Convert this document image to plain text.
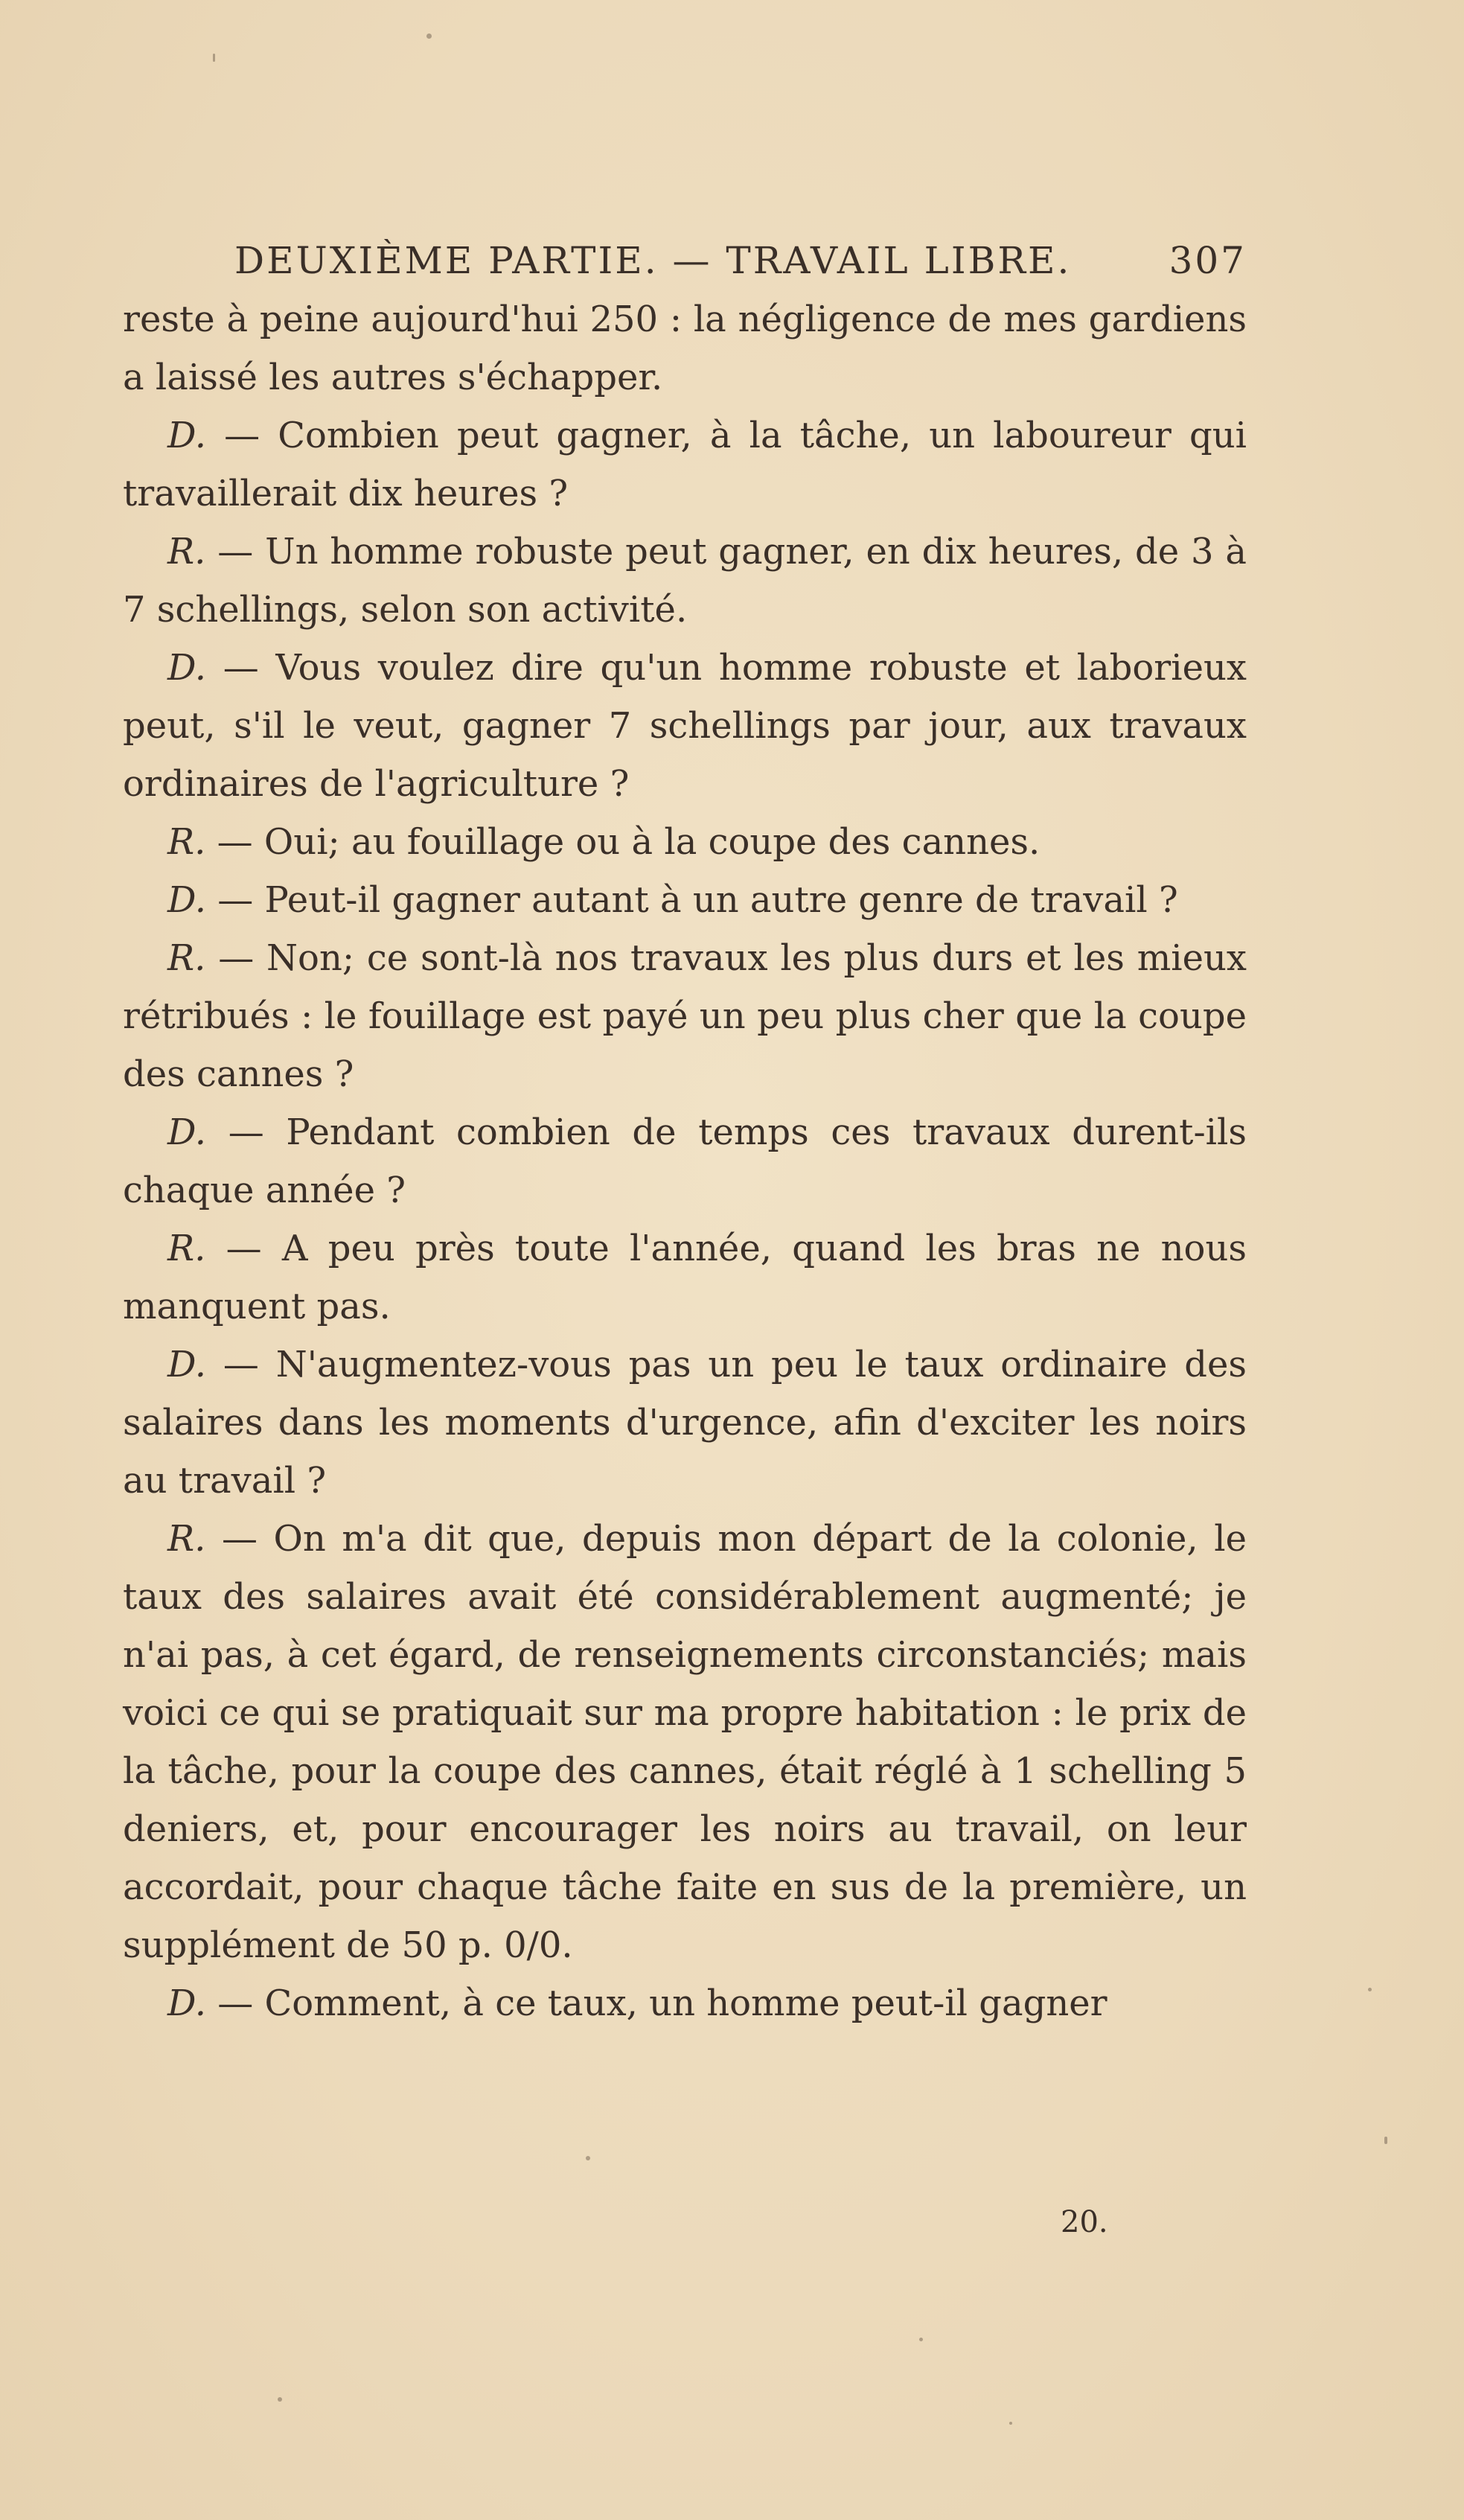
DEUXIÈME PARTIE. — TRAVAIL LIBRE.	307

reste à peine aujourd'hui 250 : la négligence de mes gardiens a laissé les autres s'échapper.

D. — Combien peut gagner, à la tâche, un laboureur qui travaillerait dix heures ?

R. — Un homme robuste peut gagner, en dix heures, de 3 à 7 schellings, selon son activité.

D. — Vous voulez dire qu'un homme robuste et laborieux peut, s'il le veut, gagner 7 schellings par jour, aux travaux ordinaires de l'agriculture ?

R. — Oui; au fouillage ou à la coupe des cannes.

D. — Peut-il gagner autant à un autre genre de travail ?

R. — Non; ce sont-là nos travaux les plus durs et les mieux rétribués : le fouillage est payé un peu plus cher que la coupe des cannes ?

D. — Pendant combien de temps ces travaux durent-ils chaque année ?

R. — A peu près toute l'année, quand les bras ne nous manquent pas.

D. — N'augmentez-vous pas un peu le taux ordinaire des salaires dans les moments d'urgence, afin d'exciter les noirs au travail ?

R. — On m'a dit que, depuis mon départ de la colonie, le taux des salaires avait été considérablement augmenté; je n'ai pas, à cet égard, de renseignements circonstanciés; mais voici ce qui se pratiquait sur ma propre habitation : le prix de la tâche, pour la coupe des cannes, était réglé à 1 schelling 5 deniers, et, pour encourager les noirs au travail, on leur accordait, pour chaque tâche faite en sus de la première, un supplément de 50 p. 0/0.

D. — Comment, à ce taux, un homme peut-il gagner

20.
